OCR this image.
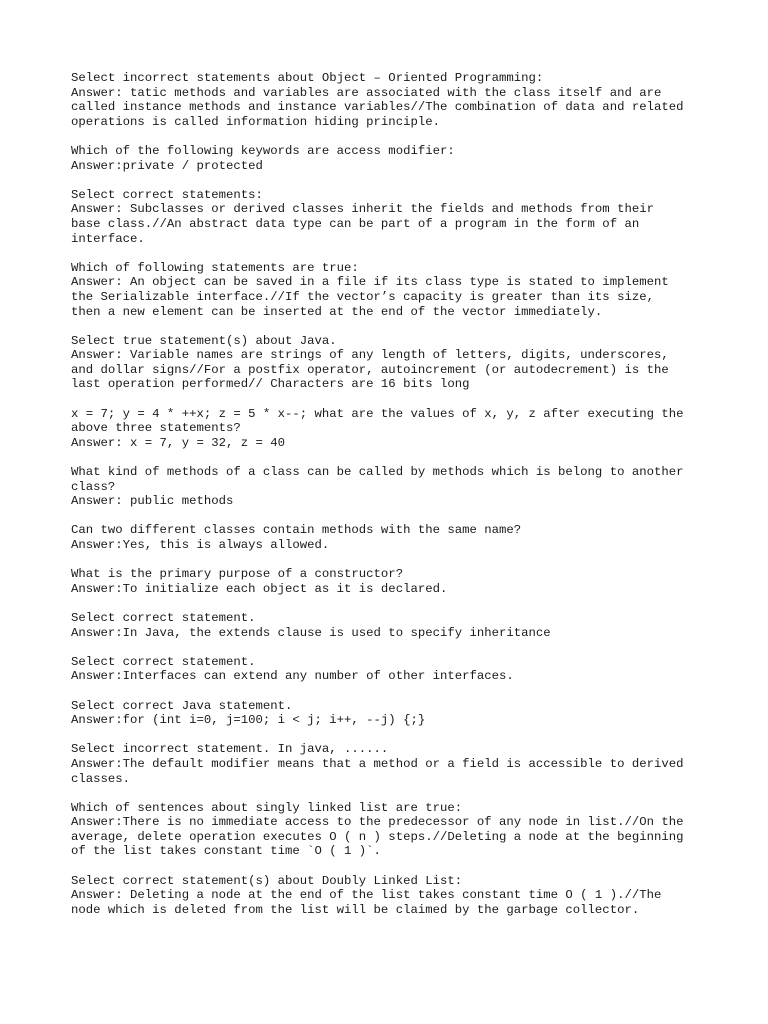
Select incorrect statements about Object – Oriented Programming:
Answer: tatic methods and variables are associated with the class itself and are
called instance methods and instance variables//The combination of data and related
operations is called information hiding principle.
Which of the following keywords are access modifier:
Answer:private / protected
Select correct statements:
Answer: Subclasses or derived classes inherit the fields and methods from their
base class.//An abstract data type can be part of a program in the form of an
interface.
Which of following statements are true:
Answer: An object can be saved in a file if its class type is stated to implement
the Serializable interface.//If the vector’s capacity is greater than its size,
then a new element can be inserted at the end of the vector immediately.
Select true statement(s) about Java.
Answer: Variable names are strings of any length of letters, digits, underscores,
and dollar signs//For a postfix operator, autoincrement (or autodecrement) is the
last operation performed// Characters are 16 bits long
x = 7; y = 4 * ++x; z = 5 * x--; what are the values of x, y, z after executing the
above three statements?
Answer: x = 7, y = 32, z = 40
What kind of methods of a class can be called by methods which is belong to another
class?
Answer: public methods
Can two different classes contain methods with the same name?
Answer:Yes, this is always allowed.
What is the primary purpose of a constructor?
Answer:To initialize each object as it is declared.
Select correct statement.
Answer:In Java, the extends clause is used to specify inheritance
Select correct statement.
Answer:Interfaces can extend any number of other interfaces.
Select correct Java statement.
Answer:for (int i=0, j=100; i < j; i++, --j) {;}
Select incorrect statement. In java, ......
Answer:The default modifier means that a method or a field is accessible to derived
classes.
Which of sentences about singly linked list are true:
Answer:There is no immediate access to the predecessor of any node in list.//On the
average, delete operation executes O ( n ) steps.//Deleting a node at the beginning
of the list takes constant time `O ( 1 )`.
Select correct statement(s) about Doubly Linked List:
Answer: Deleting a node at the end of the list takes constant time O ( 1 ).//The
node which is deleted from the list will be claimed by the garbage collector.
